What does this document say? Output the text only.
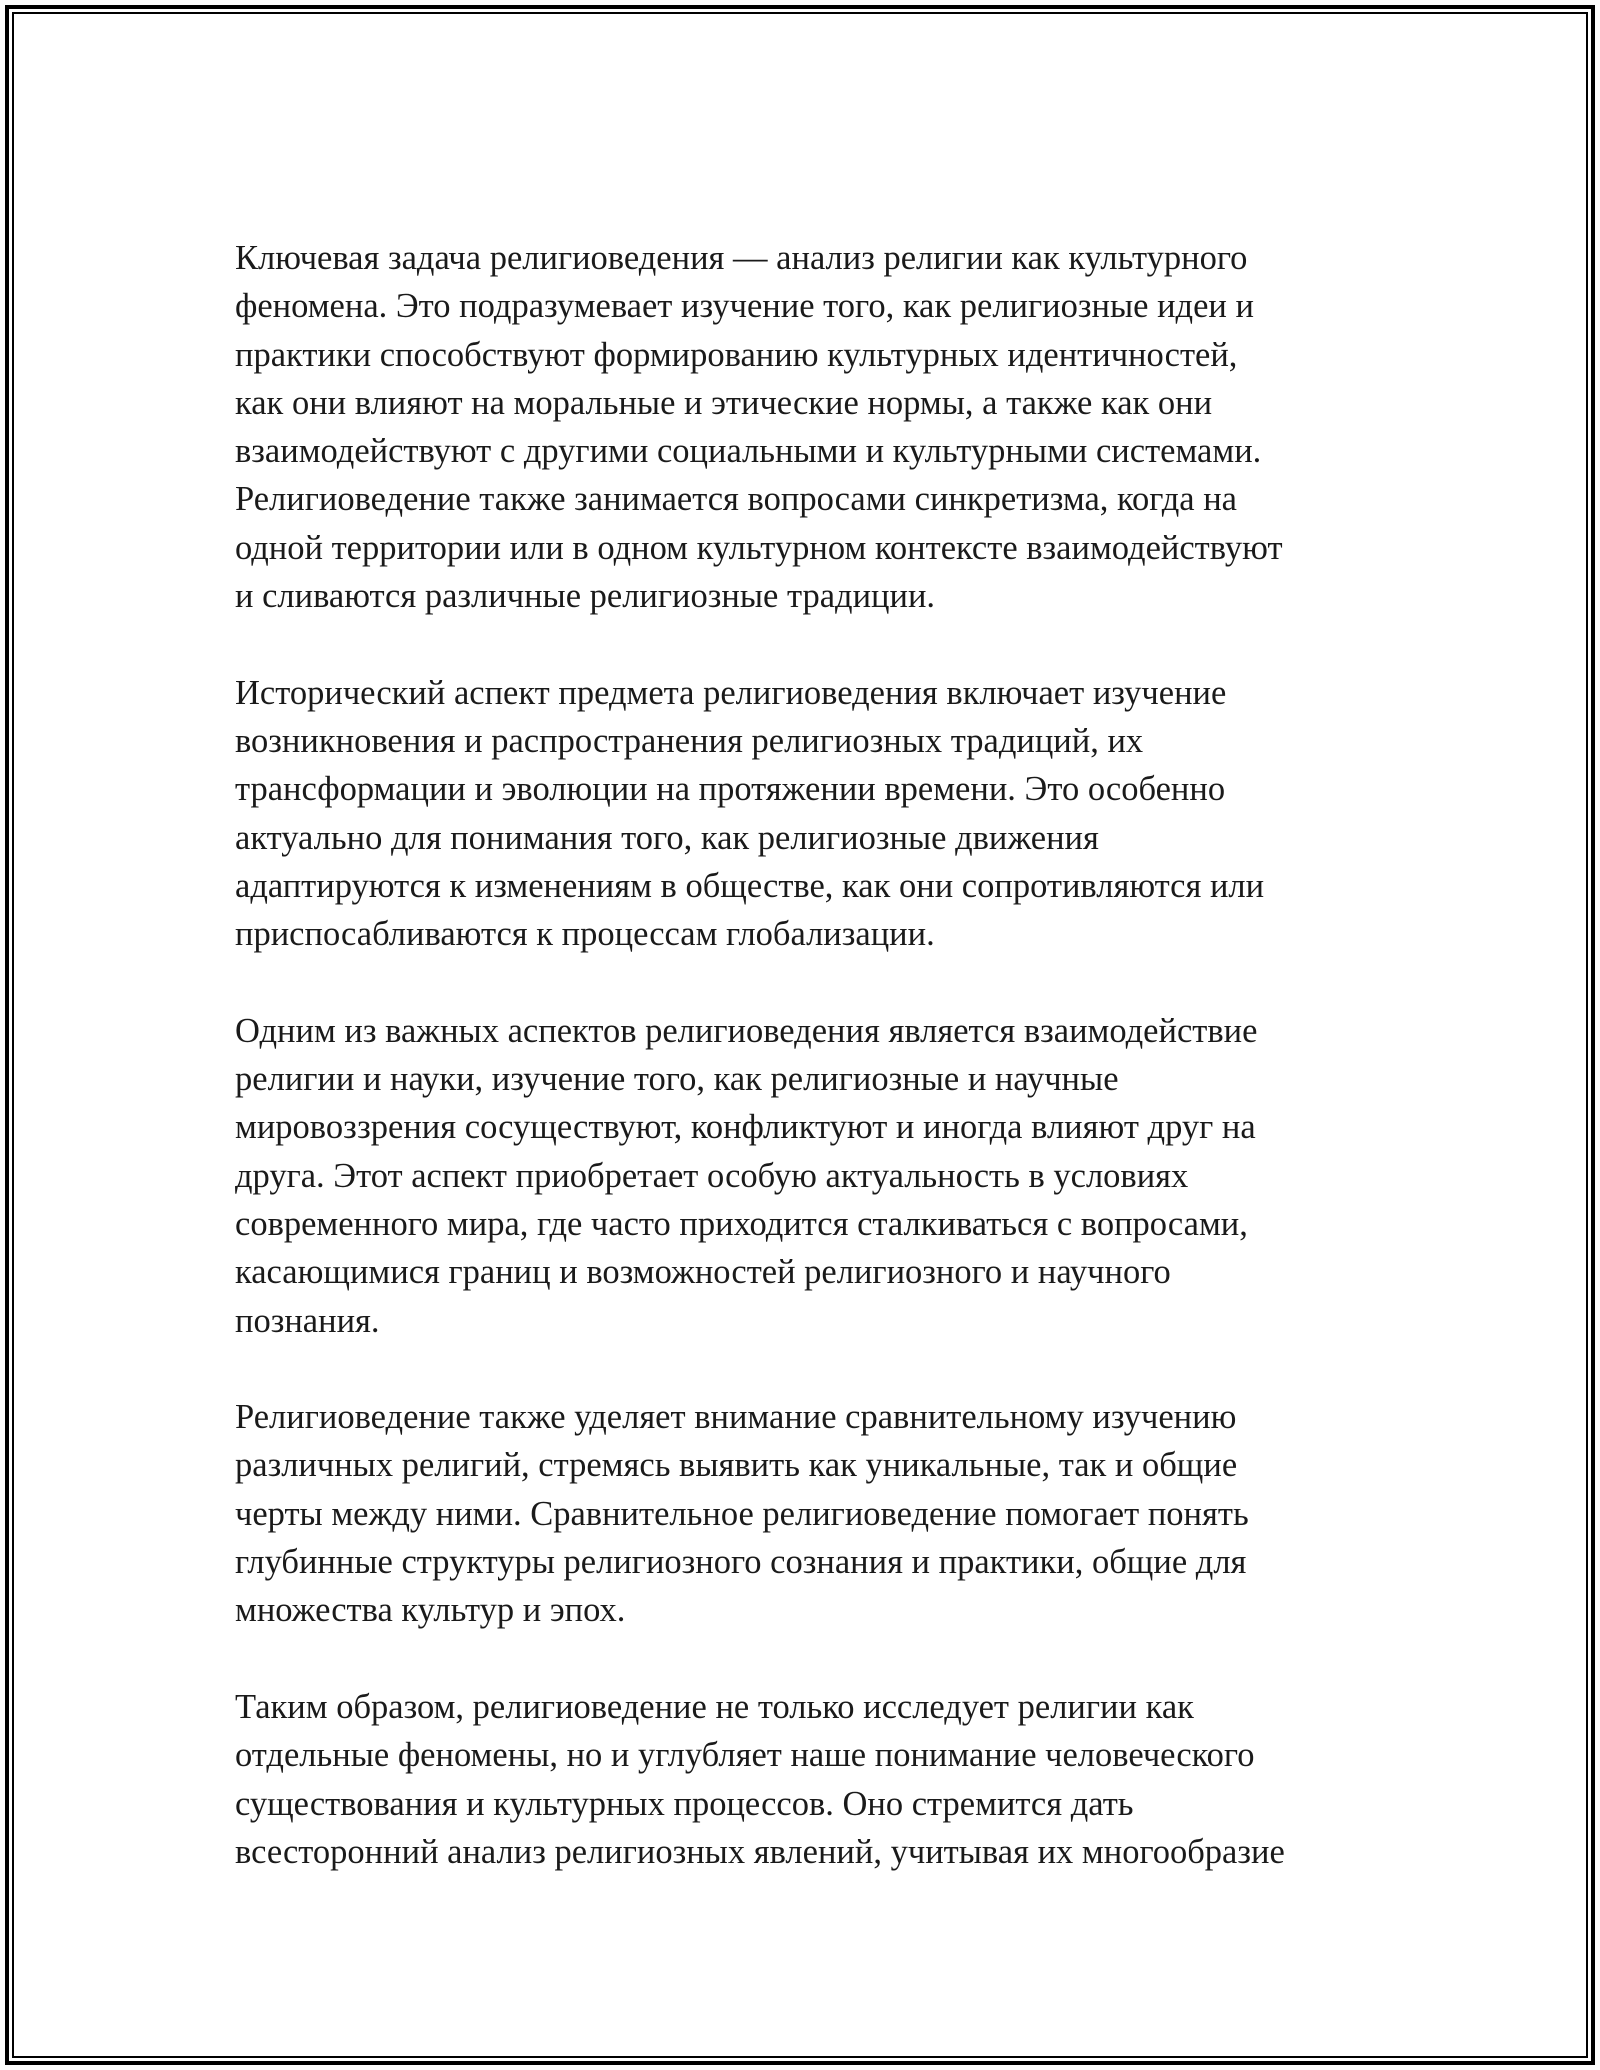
Ключевая задача религиоведения — анализ религии как культурного
феномена. Это подразумевает изучение того, как религиозные идеи и
практики способствуют формированию культурных идентичностей,
как они влияют на моральные и этические нормы, а также как они
взаимодействуют с другими социальными и культурными системами.
Религиоведение также занимается вопросами синкретизма, когда на
одной территории или в одном культурном контексте взаимодействуют
и сливаются различные религиозные традиции.

Исторический аспект предмета религиоведения включает изучение
возникновения и распространения религиозных традиций, их
трансформации и эволюции на протяжении времени. Это особенно
актуально для понимания того, как религиозные движения
адаптируются к изменениям в обществе, как они сопротивляются или
приспосабливаются к процессам глобализации.

Одним из важных аспектов религиоведения является взаимодействие
религии и науки, изучение того, как религиозные и научные
мировоззрения сосуществуют, конфликтуют и иногда влияют друг на
друга. Этот аспект приобретает особую актуальность в условиях
современного мира, где часто приходится сталкиваться с вопросами,
касающимися границ и возможностей религиозного и научного
познания.

Религиоведение также уделяет внимание сравнительному изучению
различных религий, стремясь выявить как уникальные, так и общие
черты между ними. Сравнительное религиоведение помогает понять
глубинные структуры религиозного сознания и практики, общие для
множества культур и эпох.

Таким образом, религиоведение не только исследует религии как
отдельные феномены, но и углубляет наше понимание человеческого
существования и культурных процессов. Оно стремится дать
всесторонний анализ религиозных явлений, учитывая их многообразие
